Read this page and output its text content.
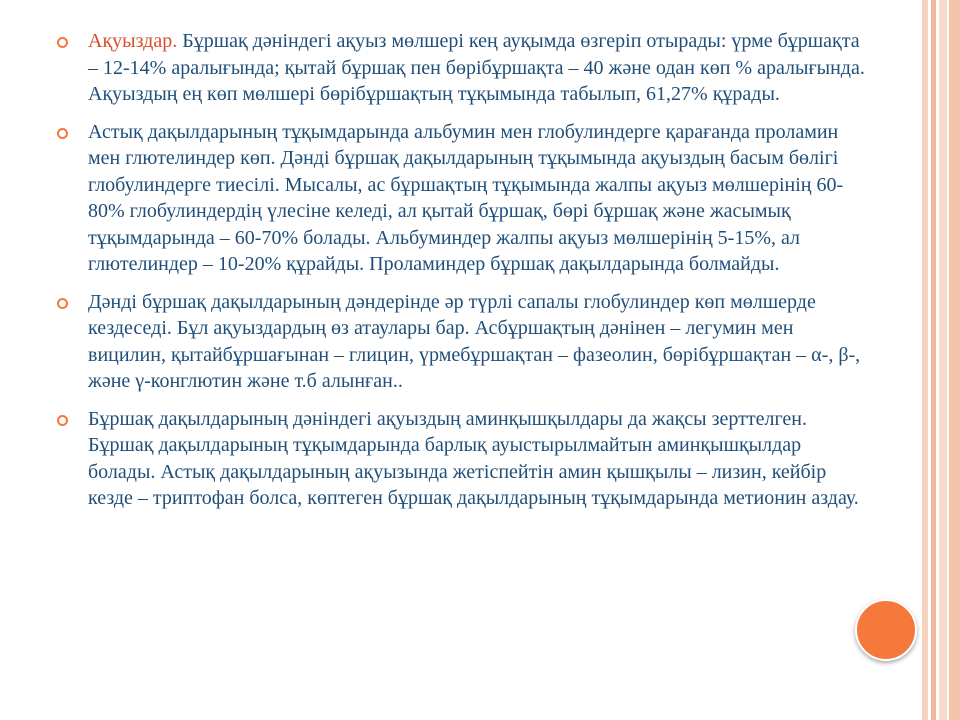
Ақуыздар. Бұршақ дәніндегі ақуыз мөлшері кең ауқымда өзгеріп отырады: үрме бұршақта – 12-14% аралығында; қытай бұршақ пен бөрібұршақта – 40 және одан көп % аралығында. Ақуыздың ең көп мөлшері бөрібұршақтың тұқымында табылып, 61,27% құрады.

Астық дақылдарының тұқымдарында альбумин мен глобулиндерге қарағанда проламин мен глютелиндер көп. Дәнді бұршақ дақылдарының тұқымында ақуыздың басым бөлігі глобулиндерге тиесілі. Мысалы, ас бұршақтың тұқымында жалпы ақуыз мөлшерінің 60-80% глобулиндердің үлесіне келеді, ал қытай бұршақ, бөрі бұршақ және жасымық тұқымдарында – 60-70% болады. Альбуминдер жалпы ақуыз мөлшерінің 5-15%, ал глютелиндер – 10-20% құрайды. Проламиндер бұршақ дақылдарында болмайды.

Дәнді бұршақ дақылдарының дәндерінде әр түрлі сапалы глобулиндер көп мөлшерде кездеседі. Бұл ақуыздардың өз атаулары бар. Асбұршақтың дәнінен – легумин мен вицилин, қытайбұршағынан – глицин, үрмебұршақтан – фазеолин, бөрібұршақтан – α-, β-, және γ-конглютин және т.б алынған..

Бұршақ дақылдарының дәніндегі ақуыздың аминқышқылдары да жақсы зерттелген. Бұршақ дақылдарының тұқымдарында барлық ауыстырылмайтын аминқышқылдар болады. Астық дақылдарының ақуызында жетіспейтін амин қышқылы – лизин, кейбір кезде – триптофан болса, көптеген бұршақ дақылдарының тұқымдарында метионин аздау.
